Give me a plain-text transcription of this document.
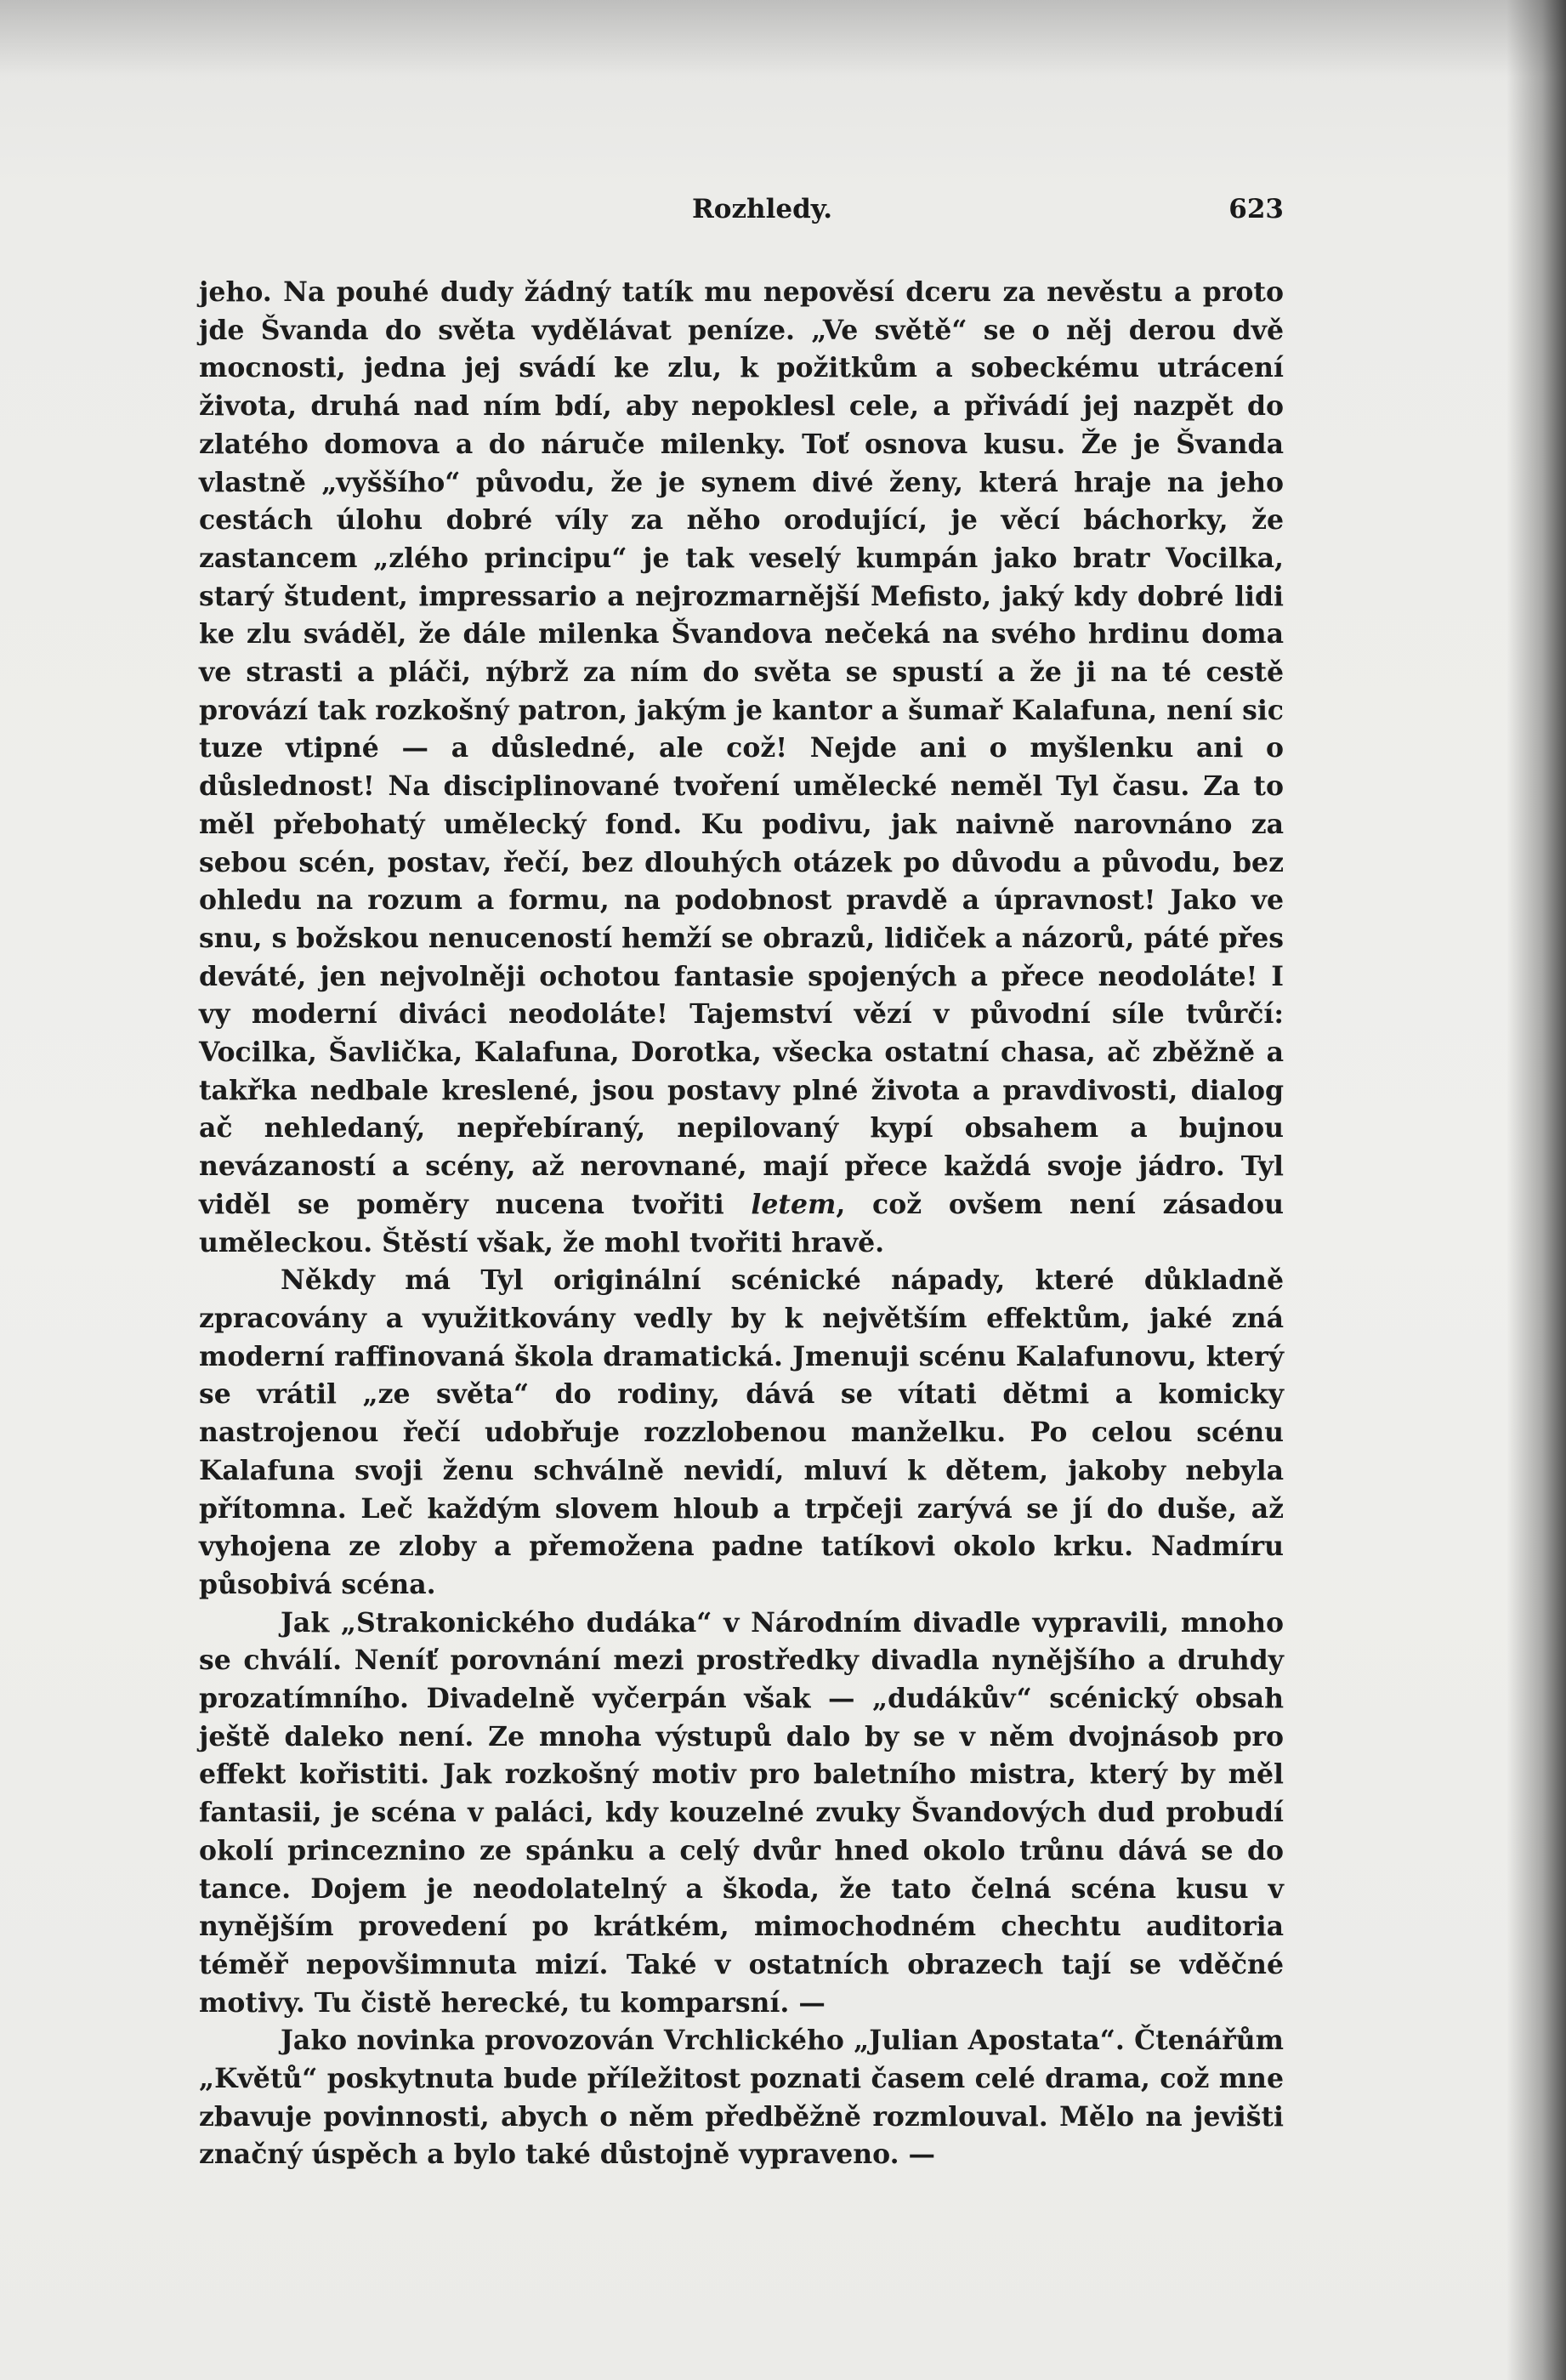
Rozhledy.	623

jeho. Na pouhé dudy žádný tatík mu nepověsí dceru za nevěstu a proto jde Švanda do světa vydělávat peníze. „Ve světě“ se o něj derou dvě mocnosti, jedna jej svádí ke zlu, k požitkům a sobeckému utrácení života, druhá nad ním bdí, aby nepoklesl cele, a přivádí jej nazpět do zlatého domova a do náruče milenky. Toť osnova kusu. Že je Švanda vlastně „vyššího“ původu, že je synem divé ženy, která hraje na jeho cestách úlohu dobré víly za něho orodující, je věcí báchorky, že zastancem „zlého principu“ je tak veselý kumpán jako bratr Vocilka, starý študent, impressario a nejrozmarnější Mefisto, jaký kdy dobré lidi ke zlu sváděl, že dále milenka Švandova nečeká na svého hrdinu doma ve strasti a pláči, nýbrž za ním do světa se spustí a že ji na té cestě provází tak rozkošný patron, jakým je kantor a šumař Kalafuna, není sic tuze vtipné — a důsledné, ale což! Nejde ani o myšlenku ani o důslednost! Na disciplinované tvoření umělecké neměl Tyl času. Za to měl přebohatý umělecký fond. Ku podivu, jak naivně narovnáno za sebou scén, postav, řečí, bez dlouhých otázek po důvodu a původu, bez ohledu na rozum a formu, na podobnost pravdě a úpravnost! Jako ve snu, s božskou nenuceností hemží se obrazů, lidiček a názorů, páté přes deváté, jen nejvolněji ochotou fantasie spojených a přece neodoláte! I vy moderní diváci neodoláte! Tajemství vězí v původní síle tvůrčí: Vocilka, Šavlička, Kalafuna, Dorotka, všecka ostatní chasa, ač zběžně a takřka nedbale kreslené, jsou postavy plné života a pravdivosti, dialog ač nehledaný, nepřebíraný, nepilovaný kypí obsahem a bujnou nevázaností a scény, až nerovnané, mají přece každá svoje jádro. Tyl viděl se poměry nucena tvořiti letem, což ovšem není zásadou uměleckou. Štěstí však, že mohl tvořiti hravě.

Někdy má Tyl originální scénické nápady, které důkladně zpracovány a využitkovány vedly by k největším effektům, jaké zná moderní raffinovaná škola dramatická. Jmenuji scénu Kalafunovu, který se vrátil „ze světa“ do rodiny, dává se vítati dětmi a komicky nastrojenou řečí udobřuje rozzlobenou manželku. Po celou scénu Kalafuna svoji ženu schválně nevidí, mluví k dětem, jakoby nebyla přítomna. Leč každým slovem hloub a trpčeji zarývá se jí do duše, až vyhojena ze zloby a přemožena padne tatíkovi okolo krku. Nadmíru působivá scéna.

Jak „Strakonického dudáka“ v Národním divadle vypravili, mnoho se chválí. Neníť porovnání mezi prostředky divadla nynějšího a druhdy prozatímního. Divadelně vyčerpán však — „dudákův“ scénický obsah ještě daleko není. Ze mnoha výstupů dalo by se v něm dvojnásob pro effekt kořistiti. Jak rozkošný motiv pro baletního mistra, který by měl fantasii, je scéna v paláci, kdy kouzelné zvuky Švandových dud probudí okolí princeznino ze spánku a celý dvůr hned okolo trůnu dává se do tance. Dojem je neodolatelný a škoda, že tato čelná scéna kusu v nynějším provedení po krátkém, mimochodném chechtu auditoria téměř nepovšimnuta mizí. Také v ostatních obrazech tají se vděčné motivy. Tu čistě herecké, tu komparsní. —

Jako novinka provozován Vrchlického „Julian Apostata“. Čtenářům „Květů“ poskytnuta bude příležitost poznati časem celé drama, což mne zbavuje povinnosti, abych o něm předběžně rozmlouval. Mělo na jevišti značný úspěch a bylo také důstojně vypraveno. —
